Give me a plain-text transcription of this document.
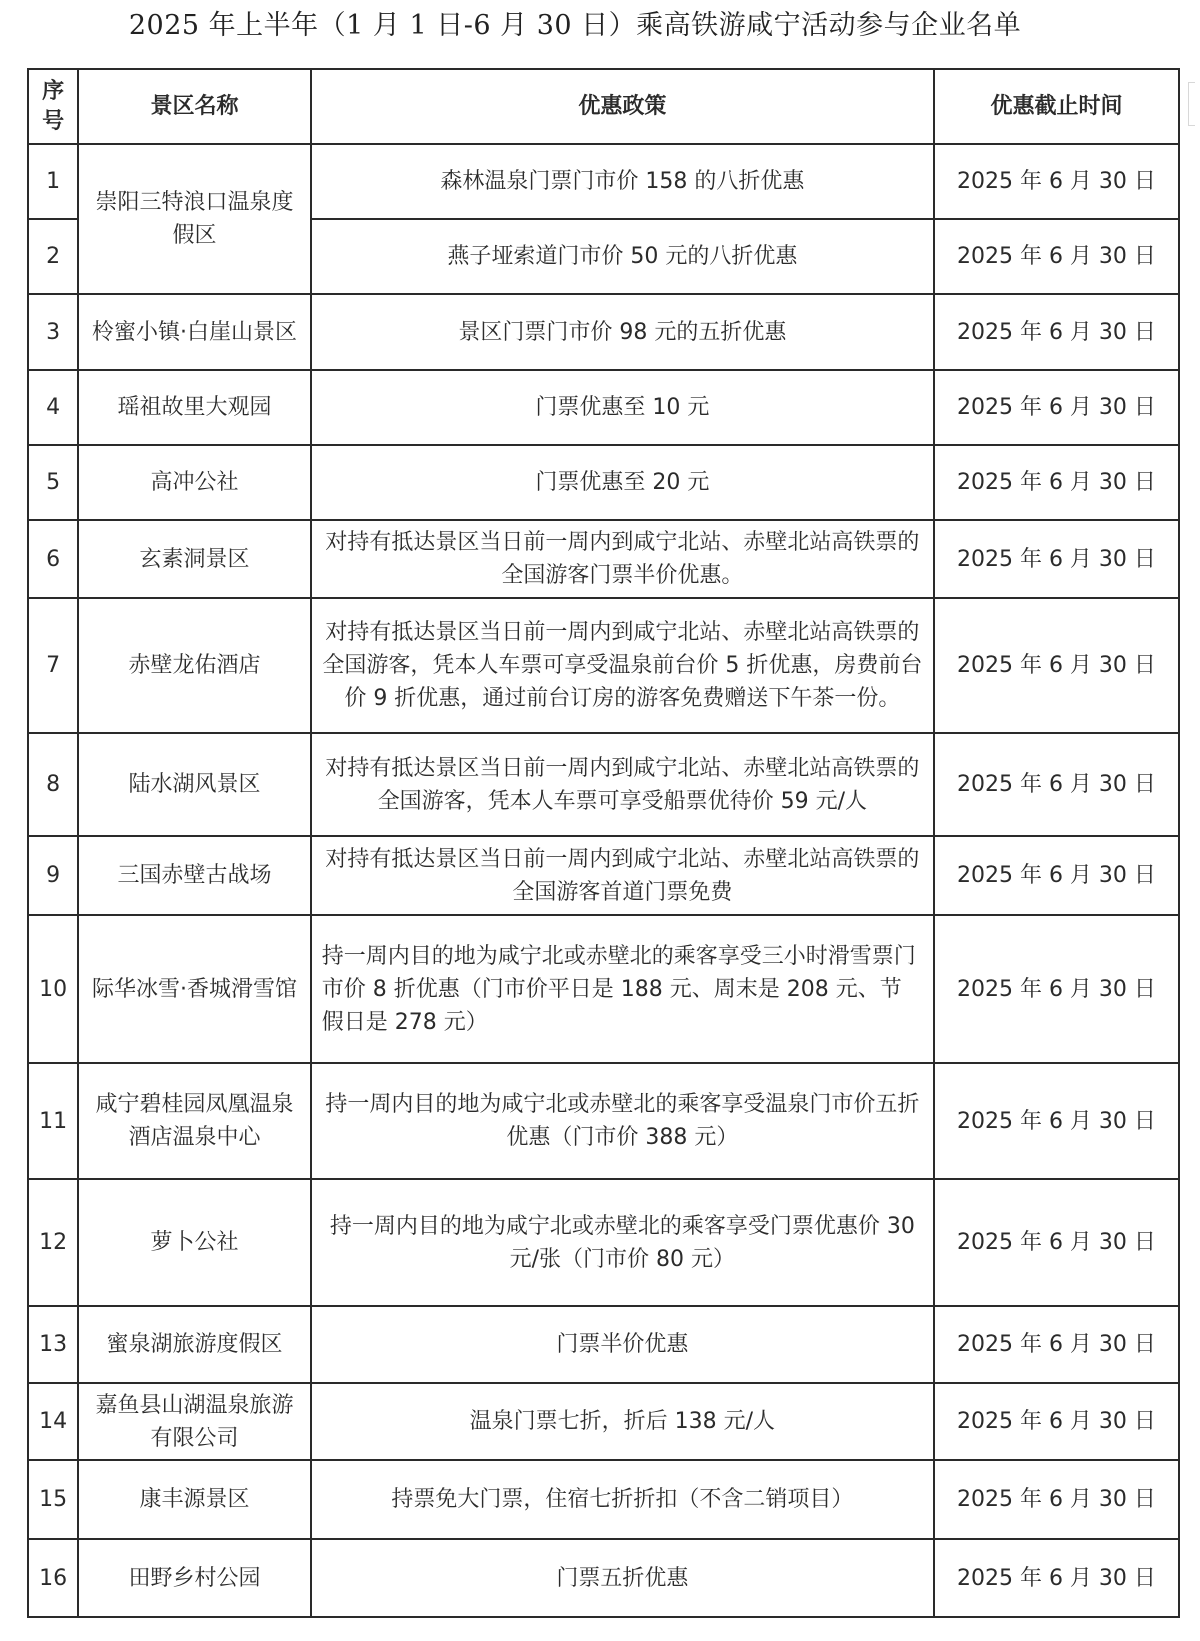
2025 年上半年（1 月 1 日-6 月 30 日）乘高铁游咸宁活动参与企业名单
序号	景区名称	优惠政策	优惠截止时间
1	崇阳三特浪口温泉度假区	森林温泉门票门市价 158 的八折优惠	2025 年 6 月 30 日
2		燕子垭索道门市价 50 元的八折优惠	2025 年 6 月 30 日
3	柃蜜小镇·白崖山景区	景区门票门市价 98 元的五折优惠	2025 年 6 月 30 日
4	瑶祖故里大观园	门票优惠至 10 元	2025 年 6 月 30 日
5	高冲公社	门票优惠至 20 元	2025 年 6 月 30 日
6	玄素洞景区	对持有抵达景区当日前一周内到咸宁北站、赤壁北站高铁票的全国游客门票半价优惠。	2025 年 6 月 30 日
7	赤壁龙佑酒店	对持有抵达景区当日前一周内到咸宁北站、赤壁北站高铁票的全国游客，凭本人车票可享受温泉前台价 5 折优惠，房费前台价 9 折优惠，通过前台订房的游客免费赠送下午茶一份。	2025 年 6 月 30 日
8	陆水湖风景区	对持有抵达景区当日前一周内到咸宁北站、赤壁北站高铁票的全国游客，凭本人车票可享受船票优待价 59 元/人	2025 年 6 月 30 日
9	三国赤壁古战场	对持有抵达景区当日前一周内到咸宁北站、赤壁北站高铁票的全国游客首道门票免费	2025 年 6 月 30 日
10	际华冰雪·香城滑雪馆	持一周内目的地为咸宁北或赤壁北的乘客享受三小时滑雪票门市价 8 折优惠（门市价平日是 188 元、周末是 208 元、节假日是 278 元）	2025 年 6 月 30 日
11	咸宁碧桂园凤凰温泉酒店温泉中心	持一周内目的地为咸宁北或赤壁北的乘客享受温泉门市价五折优惠（门市价 388 元）	2025 年 6 月 30 日
12	萝卜公社	持一周内目的地为咸宁北或赤壁北的乘客享受门票优惠价 30 元/张（门市价 80 元）	2025 年 6 月 30 日
13	蜜泉湖旅游度假区	门票半价优惠	2025 年 6 月 30 日
14	嘉鱼县山湖温泉旅游有限公司	温泉门票七折，折后 138 元/人	2025 年 6 月 30 日
15	康丰源景区	持票免大门票，住宿七折折扣（不含二销项目）	2025 年 6 月 30 日
16	田野乡村公园	门票五折优惠	2025 年 6 月 30 日
